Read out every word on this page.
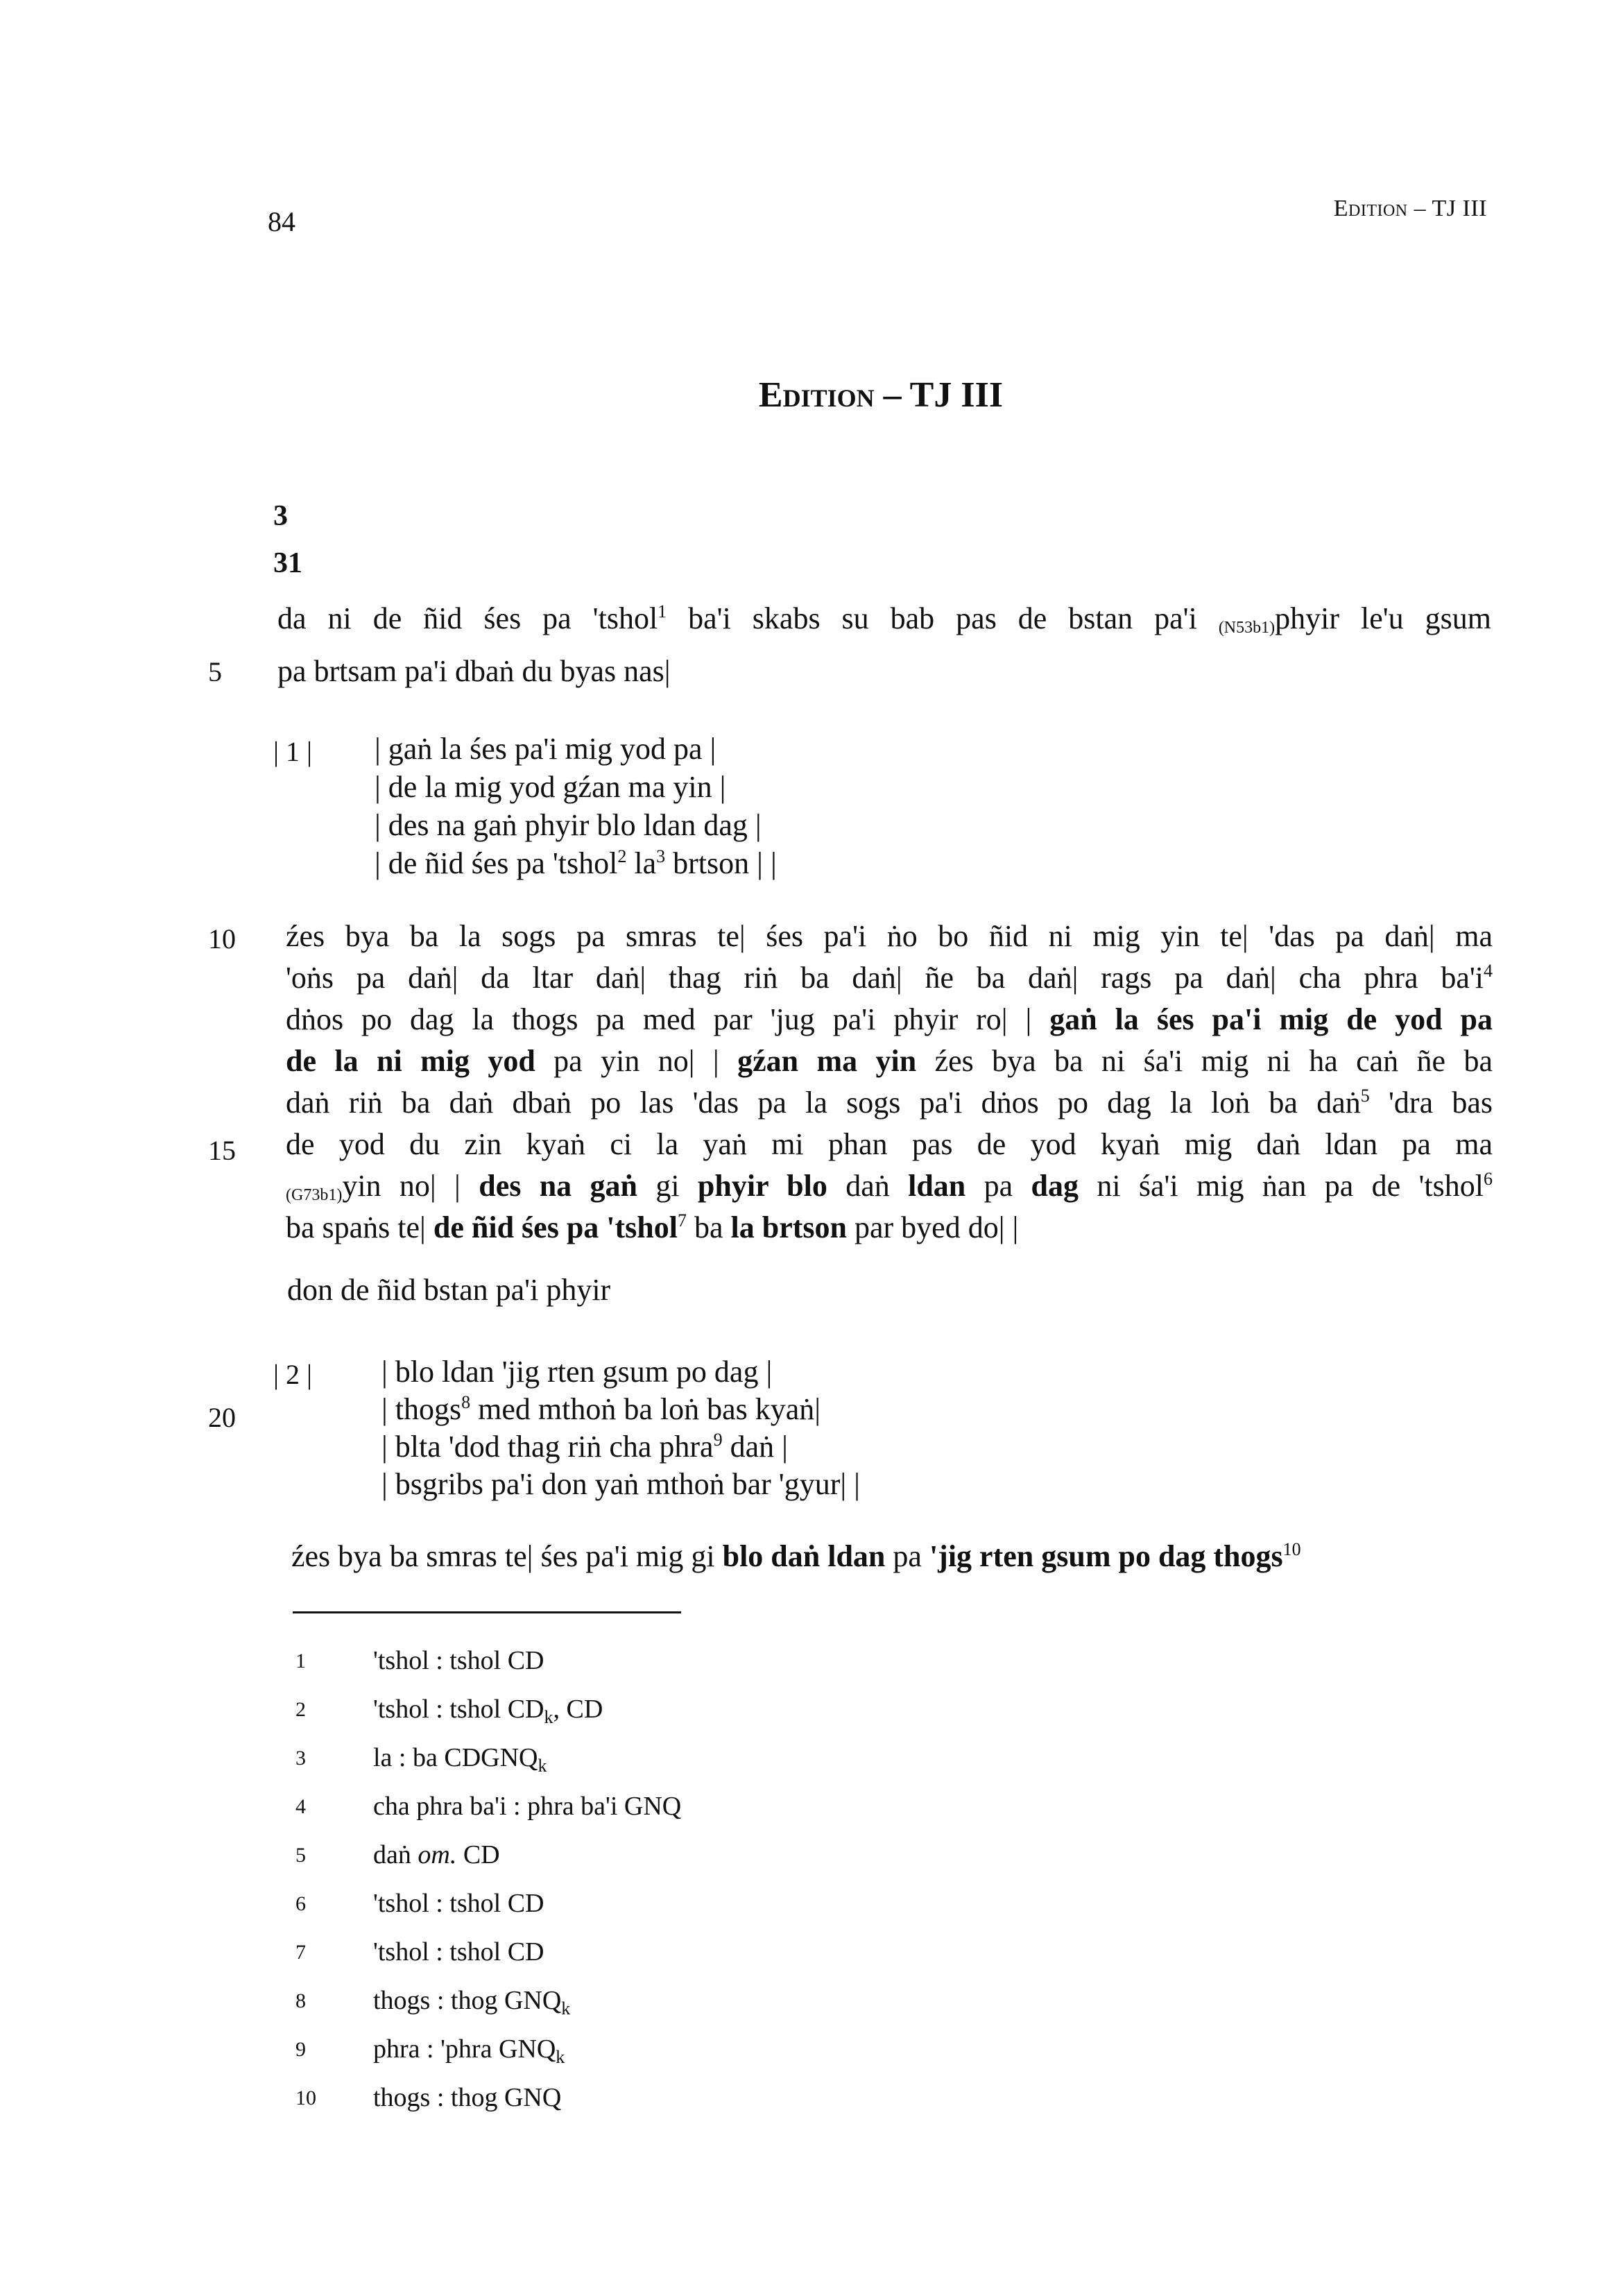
84	Edition – TJ III
Edition – TJ III
3
31
da ni de ñid śes pa 'tshol$^1$ ba'i skabs su bab pas de bstan pa'i $_{(N53b1)}$phyir le'u gsum
pa brtsam pa'i dbaṅ du byas nas|
| gaṅ la śes pa'i mig yod pa |
| de la mig yod gźan ma yin |
| des na gaṅ phyir blo ldan dag |
| de ñid śes pa 'tshol$^2$ $la^3$ brtson | |
źes bya ba la sogs pa smras te| śes pa'i ṅo bo ñid ni mig yin te| 'das pa daṅ| ma
'oṅs pa daṅ| da ltar daṅ| thag riṅ ba daṅ| ñe ba daṅ| rags pa daṅ| cha phra $ba'i^4$
dṅos po dag la thogs pa med par 'jug pa'i phyir ro| | gaṅ la śes pa'i mig de yod pa
de la ni mig yod pa yin no| | gźan ma yin źes bya ba ni śa'i mig ni ha caṅ ñe ba
daṅ riṅ ba daṅ dbaṅ po las 'das pa la sogs pa'i dṅos po dag la loṅ ba daṅ$^5$ 'dra bas
de yod du zin kyaṅ ci la yaṅ mi phan pas de yod kyaṅ mig daṅ ldan pa ma
$_{(G73b1)}$yin no| | des na gaṅ gi phyir blo daṅ ldan pa dag ni śa'i mig ṅan pa de 'tshol$^6$
ba spaṅs te| de ñid śes pa 'tshol$^7$ ba la brtson par byed do| |
don de ñid bstan pa'i phyir
| blo ldan 'jig rten gsum po dag |
| thogs$^8$ med mthoṅ ba loṅ bas kyaṅ|
| blta 'dod thag riṅ cha phra$^9$ daṅ |
| bsgribs pa'i don yaṅ mthoṅ bar 'gyur| |
źes bya ba smras te| śes pa'i mig gi blo daṅ ldan pa 'jig rten gsum po dag thogs$^{10}$
| 1 |
| 2 |
5
10
15
20
1	'tshol : tshol CD
2	'tshol : tshol $CD_k$, CD
3	la : ba $CDGNQ_k$
4	cha phra ba'i : phra ba'i GNQ
5	daṅ om. CD
6	'tshol : tshol CD
7	'tshol : tshol CD
8	thogs : thog $GNQ_k$
9	phra : 'phra $GNQ_k$
10 thogs : thog GNQ
